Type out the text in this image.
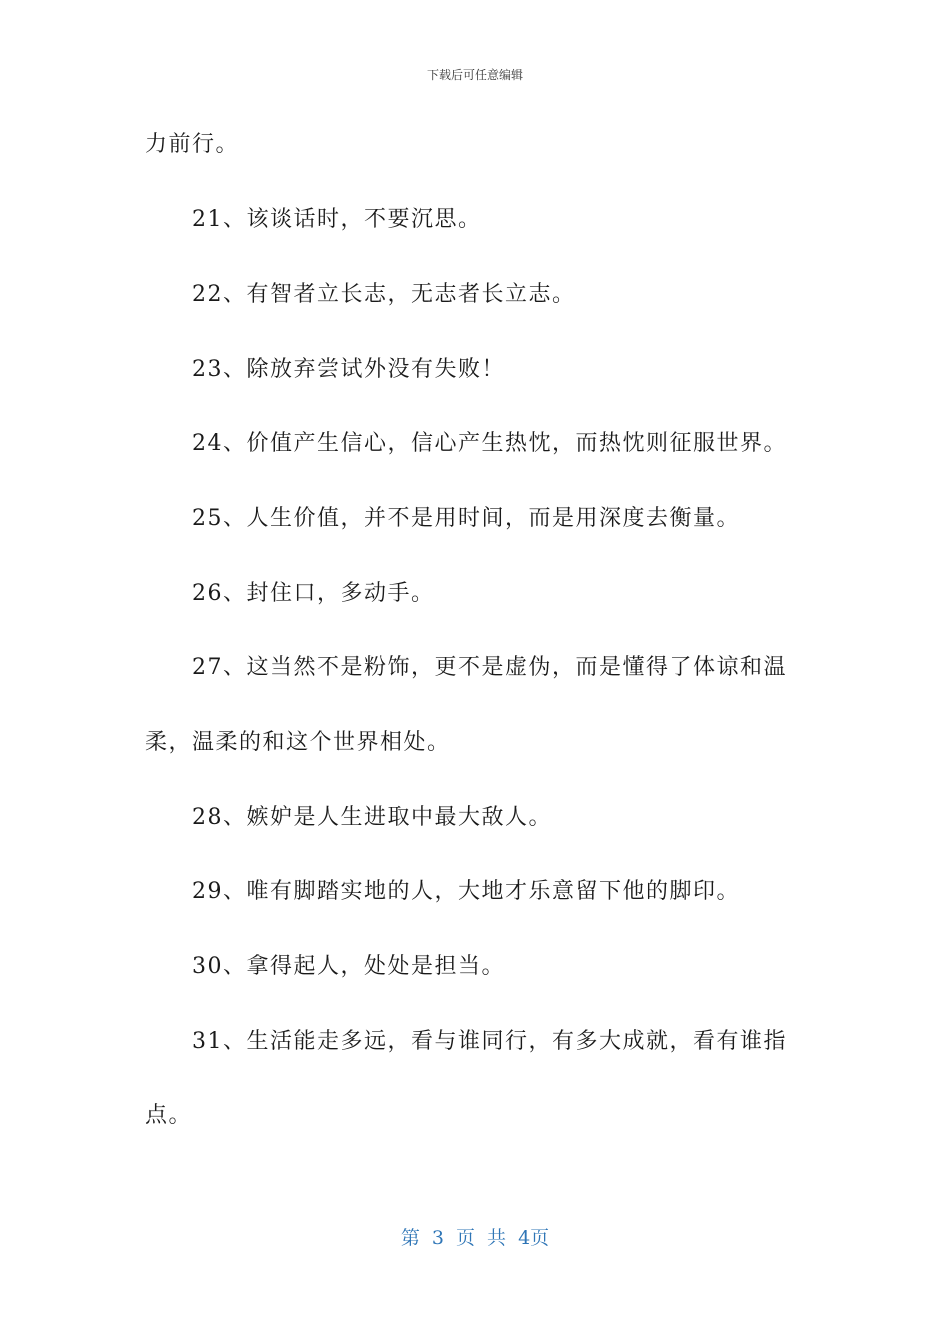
下载后可任意编辑
力前行。
21、该谈话时，不要沉思。
22、有智者立长志，无志者长立志。
23、除放弃尝试外没有失败！
24、价值产生信心，信心产生热忱，而热忱则征服世界。
25、人生价值，并不是用时间，而是用深度去衡量。
26、封住口，多动手。
27、这当然不是粉饰，更不是虚伪，而是懂得了体谅和温
柔，温柔的和这个世界相处。
28、嫉妒是人生进取中最大敌人。
29、唯有脚踏实地的人，大地才乐意留下他的脚印。
30、拿得起人，处处是担当。
31、生活能走多远，看与谁同行，有多大成就，看有谁指
点。
第 3 页 共 4页
